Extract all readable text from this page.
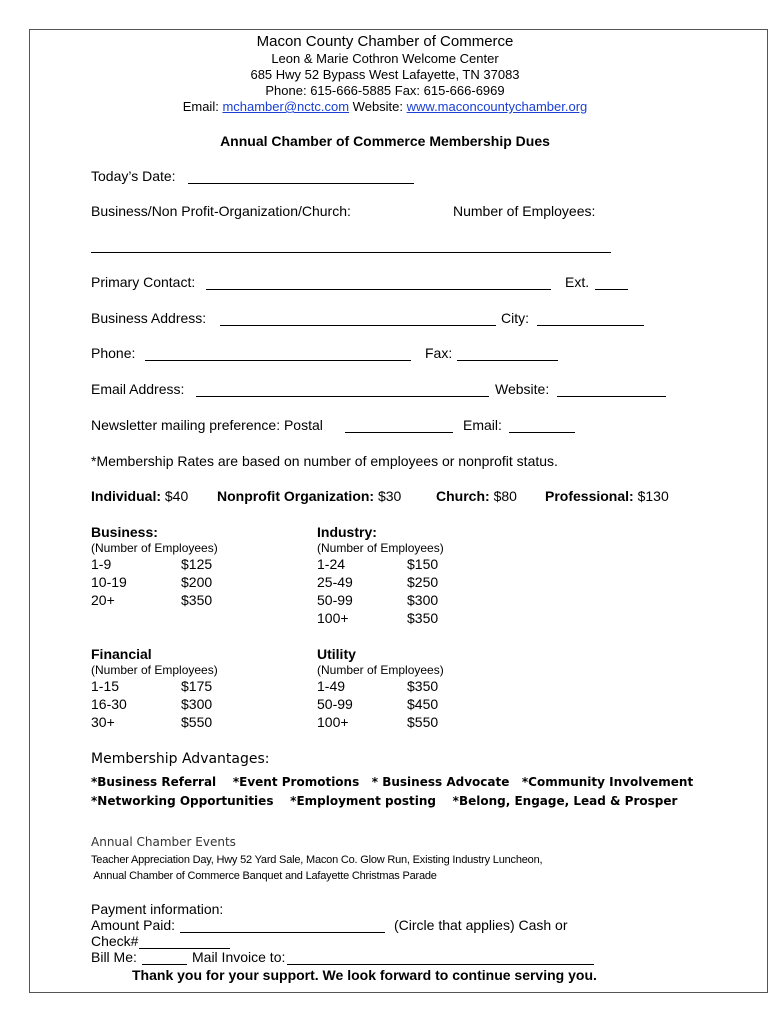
Macon County Chamber of Commerce
Leon & Marie Cothron Welcome Center
685 Hwy 52 Bypass West Lafayette, TN 37083
Phone: 615-666-5885 Fax: 615-666-6969
Email: mchamber@nctc.com Website: www.maconcountychamber.org
Annual Chamber of Commerce Membership Dues
Today’s Date:
Business/Non Profit-Organization/Church:	Number of Employees:
Primary Contact:	Ext.
Business Address:	City:
Phone:	Fax:
Email Address:	Website:
Newsletter mailing preference: Postal	Email:
*Membership Rates are based on number of employees or nonprofit status.
Individual: $40 Nonprofit Organization: $30 Church: $80 Professional: $130
Business:
(Number of Employees)
1-9	$125
10-19	$200
20+	$350
Industry:
(Number of Employees)
1-24	$150
25-49	$250
50-99	$300
100+	$350
Financial
(Number of Employees)
1-15	$175
16-30	$300
30+	$550
Utility
(Number of Employees)
1-49	$350
50-99	$450
100+	$550
Membership Advantages:
*Business Referral    *Event Promotions   * Business Advocate   *Community Involvement
*Networking Opportunities    *Employment posting    *Belong, Engage, Lead & Prosper
Annual Chamber Events
Teacher Appreciation Day, Hwy 52 Yard Sale, Macon Co. Glow Run, Existing Industry Luncheon,
Annual Chamber of Commerce Banquet and Lafayette Christmas Parade
Payment information:
Amount Paid:	(Circle that applies) Cash or
Check#
Bill Me:	Mail Invoice to:
Thank you for your support. We look forward to continue serving you.
